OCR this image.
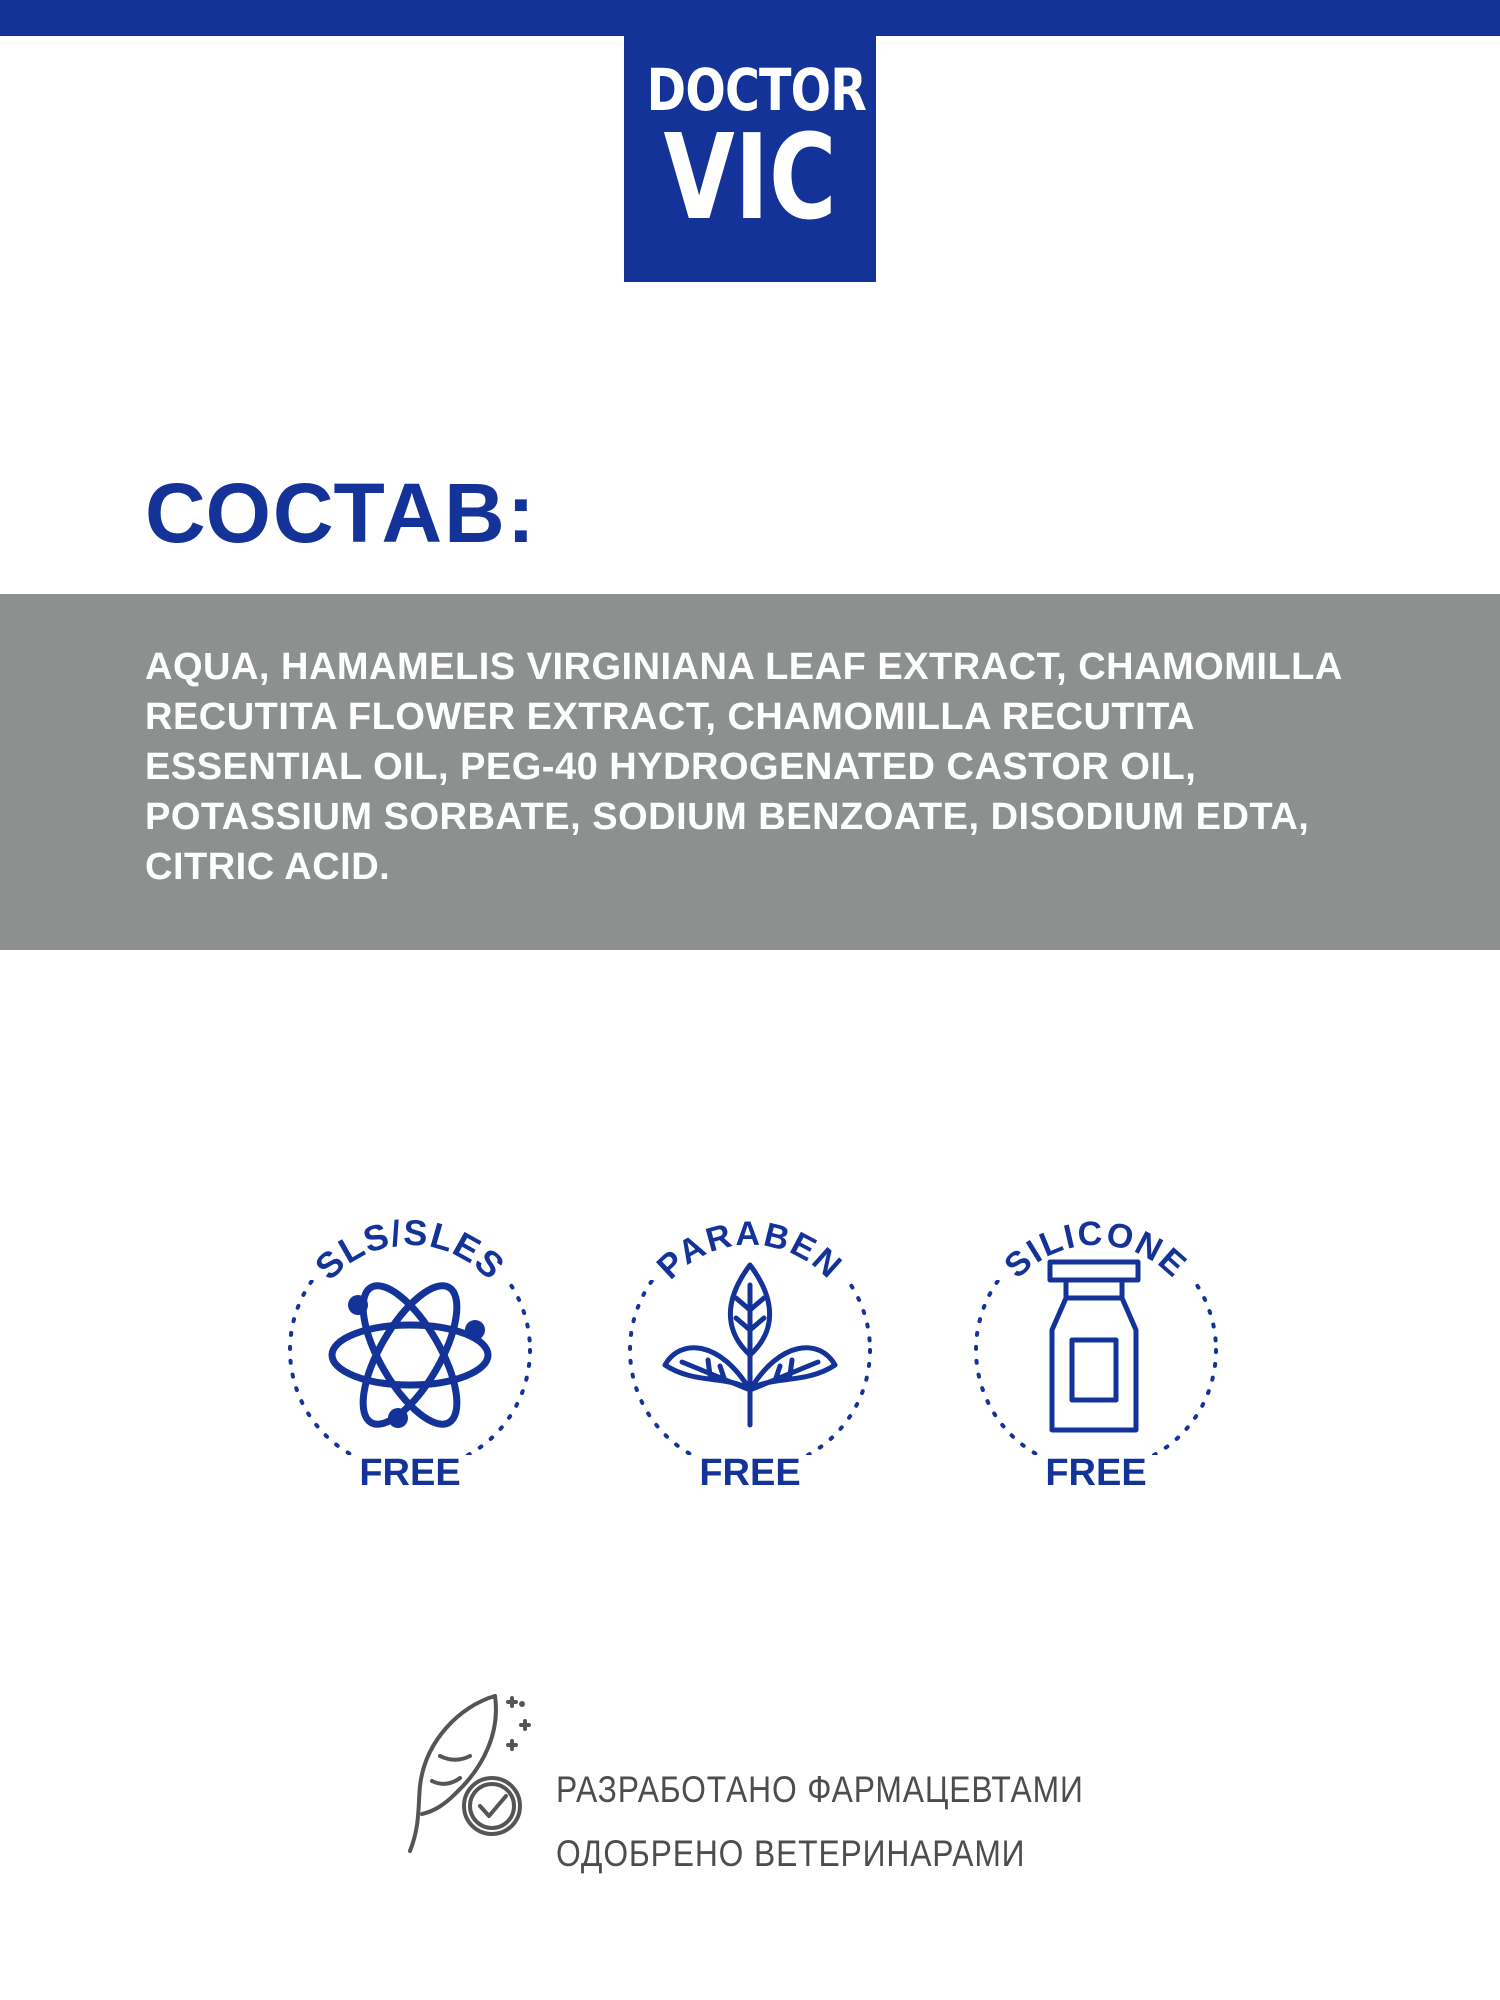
DOCTOR
VIC
СОСТАВ:
AQUA, HAMAMELIS VIRGINIANA LEAF EXTRACT, CHAMOMILLA RECUTITA FLOWER EXTRACT, CHAMOMILLA RECUTITA ESSENTIAL OIL, PEG-40 HYDROGENATED CASTOR OIL, POTASSIUM SORBATE, SODIUM BENZOATE, DISODIUM EDTA, CITRIC ACID.
SLS/SLES
FREE
PARABEN
FREE
SILICONE
FREE
РАЗРАБОТАНО ФАРМАЦЕВТАМИ
ОДОБРЕНО ВЕТЕРИНАРАМИ
